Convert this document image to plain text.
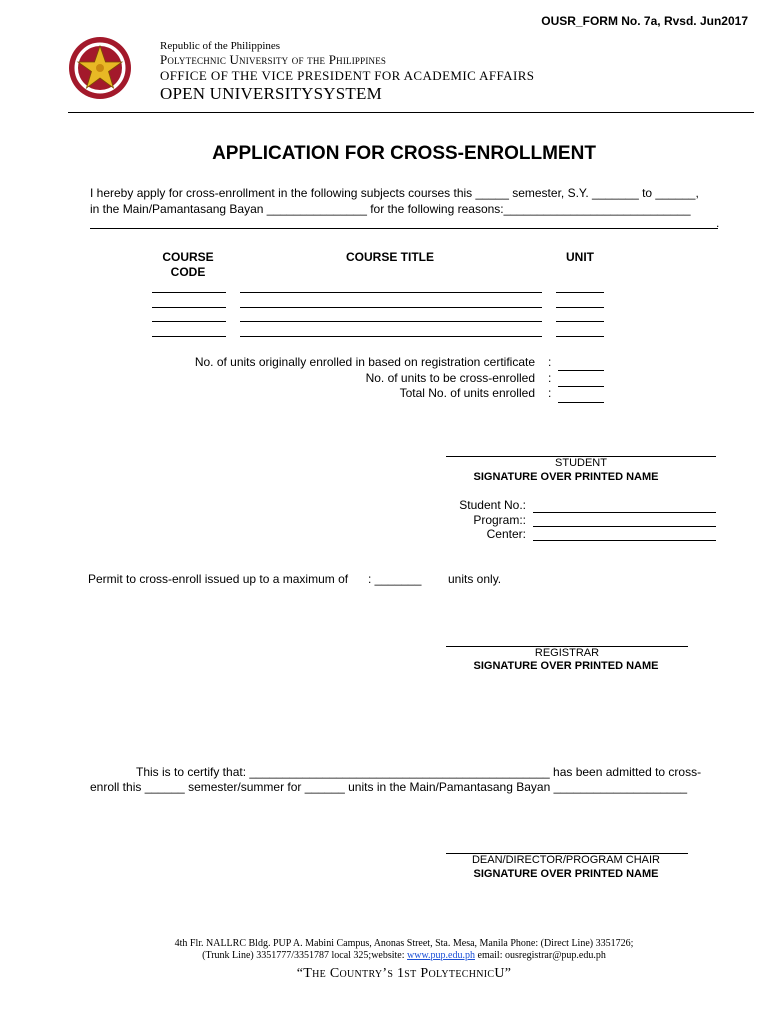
OUSR_FORM No. 7a, Rvsd. Jun2017
Republic of the Philippines
Polytechnic University of the Philippines
OFFICE OF THE VICE PRESIDENT FOR ACADEMIC AFFAIRS
OPEN UNIVERSITYSYSTEM
APPLICATION FOR CROSS-ENROLLMENT
I hereby apply for cross-enrollment in the following subjects courses this _____ semester, S.Y. _______ to ______,
in the Main/Pamantasang Bayan _______________ for the following reasons:____________________________
.
COURSE
CODE
COURSE TITLE	UNIT
No. of units originally enrolled in based on registration certificate :
No. of units to be cross-enrolled :
Total No. of units enrolled :
STUDENT
SIGNATURE OVER PRINTED NAME
Student No.:
Program::
Center:
Permit to cross-enroll issued up to a maximum of : _______ units only.
REGISTRAR
SIGNATURE OVER PRINTED NAME
This is to certify that: _____________________________________________ has been admitted to cross-
enroll this ______ semester/summer for ______ units in the Main/Pamantasang Bayan ____________________
DEAN/DIRECTOR/PROGRAM CHAIR
SIGNATURE OVER PRINTED NAME
4th Flr. NALLRC Bldg. PUP A. Mabini Campus, Anonas Street, Sta. Mesa, Manila Phone: (Direct Line) 3351726;
(Trunk Line) 3351777/3351787 local 325;website: www.pup.edu.ph email: ousregistrar@pup.edu.ph
“The Country’s 1st PolytechnicU”
